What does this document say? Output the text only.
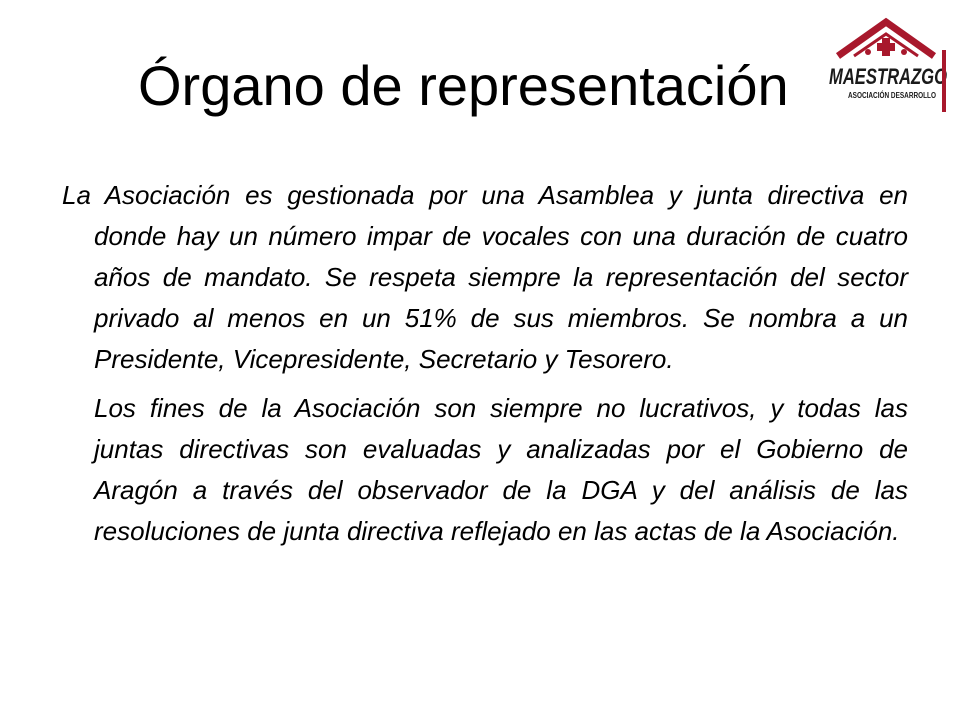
Órgano de representación	MAESTRAZGO
ASOCIACIÓN DESARROLLO

La Asociación es gestionada por una Asamblea y junta directiva en donde hay un número impar de vocales con una duración de cuatro años de mandato. Se respeta siempre la representación del sector privado al menos en un 51% de sus miembros. Se nombra a un Presidente, Vicepresidente, Secretario y Tesorero.

Los fines de la Asociación son siempre no lucrativos, y todas las juntas directivas son evaluadas y analizadas por el Gobierno de Aragón a través del observador de la DGA y del análisis de las resoluciones de junta directiva reflejado en las actas de la Asociación.
